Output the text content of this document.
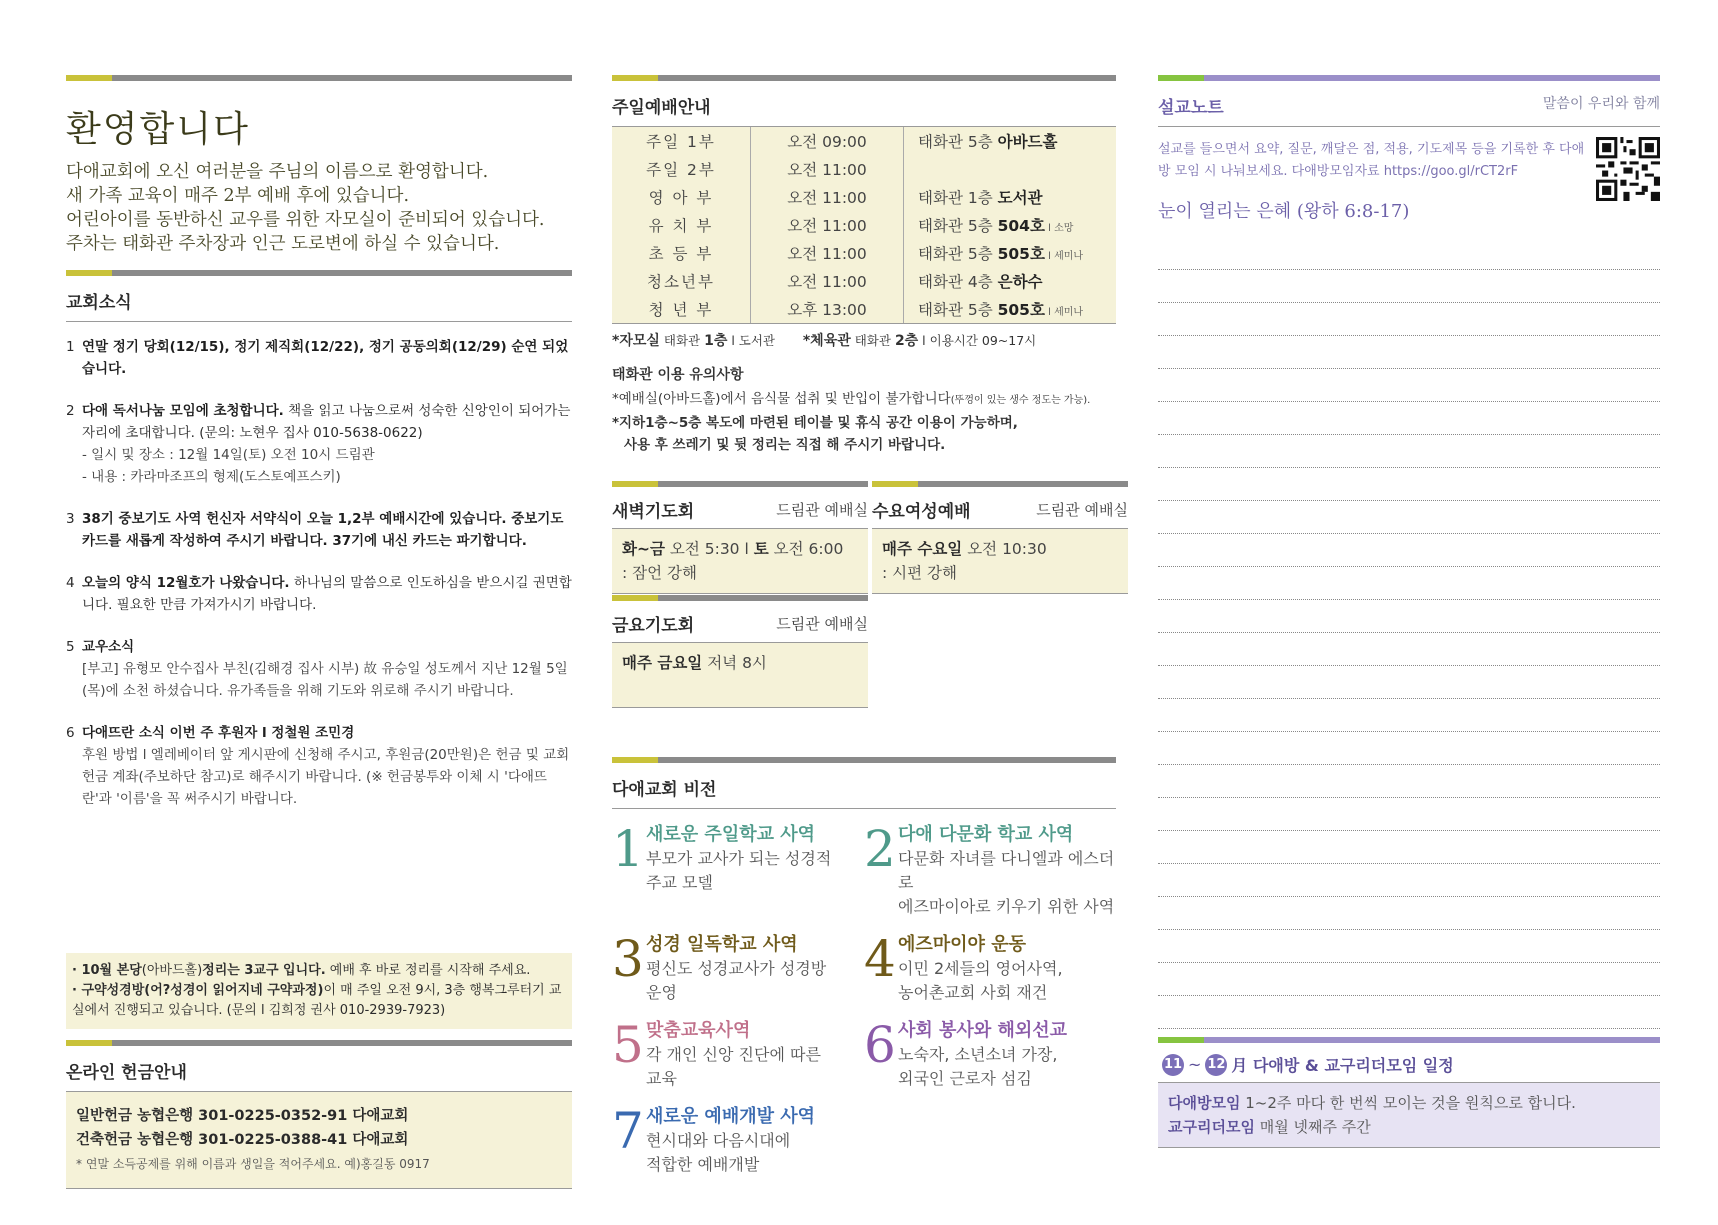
환영합니다
다애교회에 오신 여러분을 주님의 이름으로 환영합니다.
새 가족 교육이 매주 2부 예배 후에 있습니다.
어린아이를 동반하신 교우를 위한 자모실이 준비되어 있습니다.
주차는 태화관 주차장과 인근 도로변에 하실 수 있습니다.
교회소식
1 연말 정기 당회(12/15), 정기 제직회(12/22), 정기 공동의회(12/29) 순연 되었습니다.
2 다애 독서나눔 모임에 초청합니다. 책을 읽고 나눔으로써 성숙한 신앙인이 되어가는 자리에 초대합니다. (문의: 노현우 집사 010-5638-0622)
- 일시 및 장소 : 12월 14일(토) 오전 10시 드림관
- 내용 : 카라마조프의 형제(도스토예프스키)
3 38기 중보기도 사역 헌신자 서약식이 오늘 1,2부 예배시간에 있습니다. 중보기도 카드를 새롭게 작성하여 주시기 바랍니다. 37기에 내신 카드는 파기합니다.
4 오늘의 양식 12월호가 나왔습니다. 하나님의 말씀으로 인도하심을 받으시길 권면합니다. 필요한 만큼 가져가시기 바랍니다.
5 교우소식
[부고] 유형모 안수집사 부친(김해경 집사 시부) 故 유승일 성도께서 지난 12월 5일(목)에 소천 하셨습니다. 유가족들을 위해 기도와 위로해 주시기 바랍니다.
6 다애뜨란 소식 이번 주 후원자 l 정철원 조민경
후원 방법 l 엘레베이터 앞 게시판에 신청해 주시고, 후원금(20만원)은 헌금 및 교회헌금 계좌(주보하단 참고)로 해주시기 바랍니다. (※ 헌금봉투와 이체 시 '다애뜨란'과 '이름'을 꼭 써주시기 바랍니다.
· 10월 본당(아바드홀)정리는 3교구 입니다. 예배 후 바로 정리를 시작해 주세요.
· 구약성경방(어?성경이 읽어지네 구약과정)이 매 주일 오전 9시, 3층 행복그루터기 교실에서 진행되고 있습니다. (문의 l 김희정 권사 010-2939-7923)
온라인 헌금안내
일반헌금 농협은행 301-0225-0352-91 다애교회
건축헌금 농협은행 301-0225-0388-41 다애교회
* 연말 소득공제를 위해 이름과 생일을 적어주세요. 예)홍길동 0917
주일예배안내
주일 1부	오전 09:00	태화관 5층 아바드홀
주일 2부	오전 11:00	
영 아 부	오전 11:00	태화관 1층 도서관
유 치 부	오전 11:00	태화관 5층 504호 l 소망
초 등 부	오전 11:00	태화관 5층 505호 l 세미나
청소년부	오전 11:00	태화관 4층 은하수
청 년 부	오후 13:00	태화관 5층 505호 l 세미나
*자모실 태화관 1층 l 도서관 *체육관 태화관 2층 l 이용시간 09~17시
태화관 이용 유의사항
*예배실(아바드홀)에서 음식물 섭취 및 반입이 불가합니다(뚜껑이 있는 생수 정도는 가능).
*지하1층~5층 복도에 마련된 테이블 및 휴식 공간 이용이 가능하며,
사용 후 쓰레기 및 뒷 정리는 직접 해 주시기 바랍니다.
새벽기도회	드림관 예배실
화~금 오전 5:30 l 토 오전 6:00
: 잠언 강해
수요여성예배	드림관 예배실
매주 수요일 오전 10:30
: 시편 강해
금요기도회	드림관 예배실
매주 금요일 저녁 8시
다애교회 비전
1 새로운 주일학교 사역
부모가 교사가 되는 성경적
주교 모델
2 다애 다문화 학교 사역
다문화 자녀를 다니엘과 에스더로
에즈마이아로 키우기 위한 사역
3 성경 일독학교 사역
평신도 성경교사가 성경방
운영
4 에즈마이야 운동
이민 2세들의 영어사역,
농어촌교회 사회 재건
5 맞춤교육사역
각 개인 신앙 진단에 따른
교육
6 사회 봉사와 해외선교
노숙자, 소년소녀 가장,
외국인 근로자 섬김
7 새로운 예배개발 사역
현시대와 다음시대에
적합한 예배개발
설교노트	말씀이 우리와 함께
설교를 들으면서 요약, 질문, 깨달은 점, 적용, 기도제목 등을 기록한 후 다애방 모임 시 나눠보세요. 다애방모임자료 https://goo.gl/rCT2rF
눈이 열리는 은혜 (왕하 6:8-17)
11 ~ 12 月 다애방 & 교구리더모임 일정
다애방모임 1~2주 마다 한 번씩 모이는 것을 원칙으로 합니다.
교구리더모임 매월 넷째주 주간
